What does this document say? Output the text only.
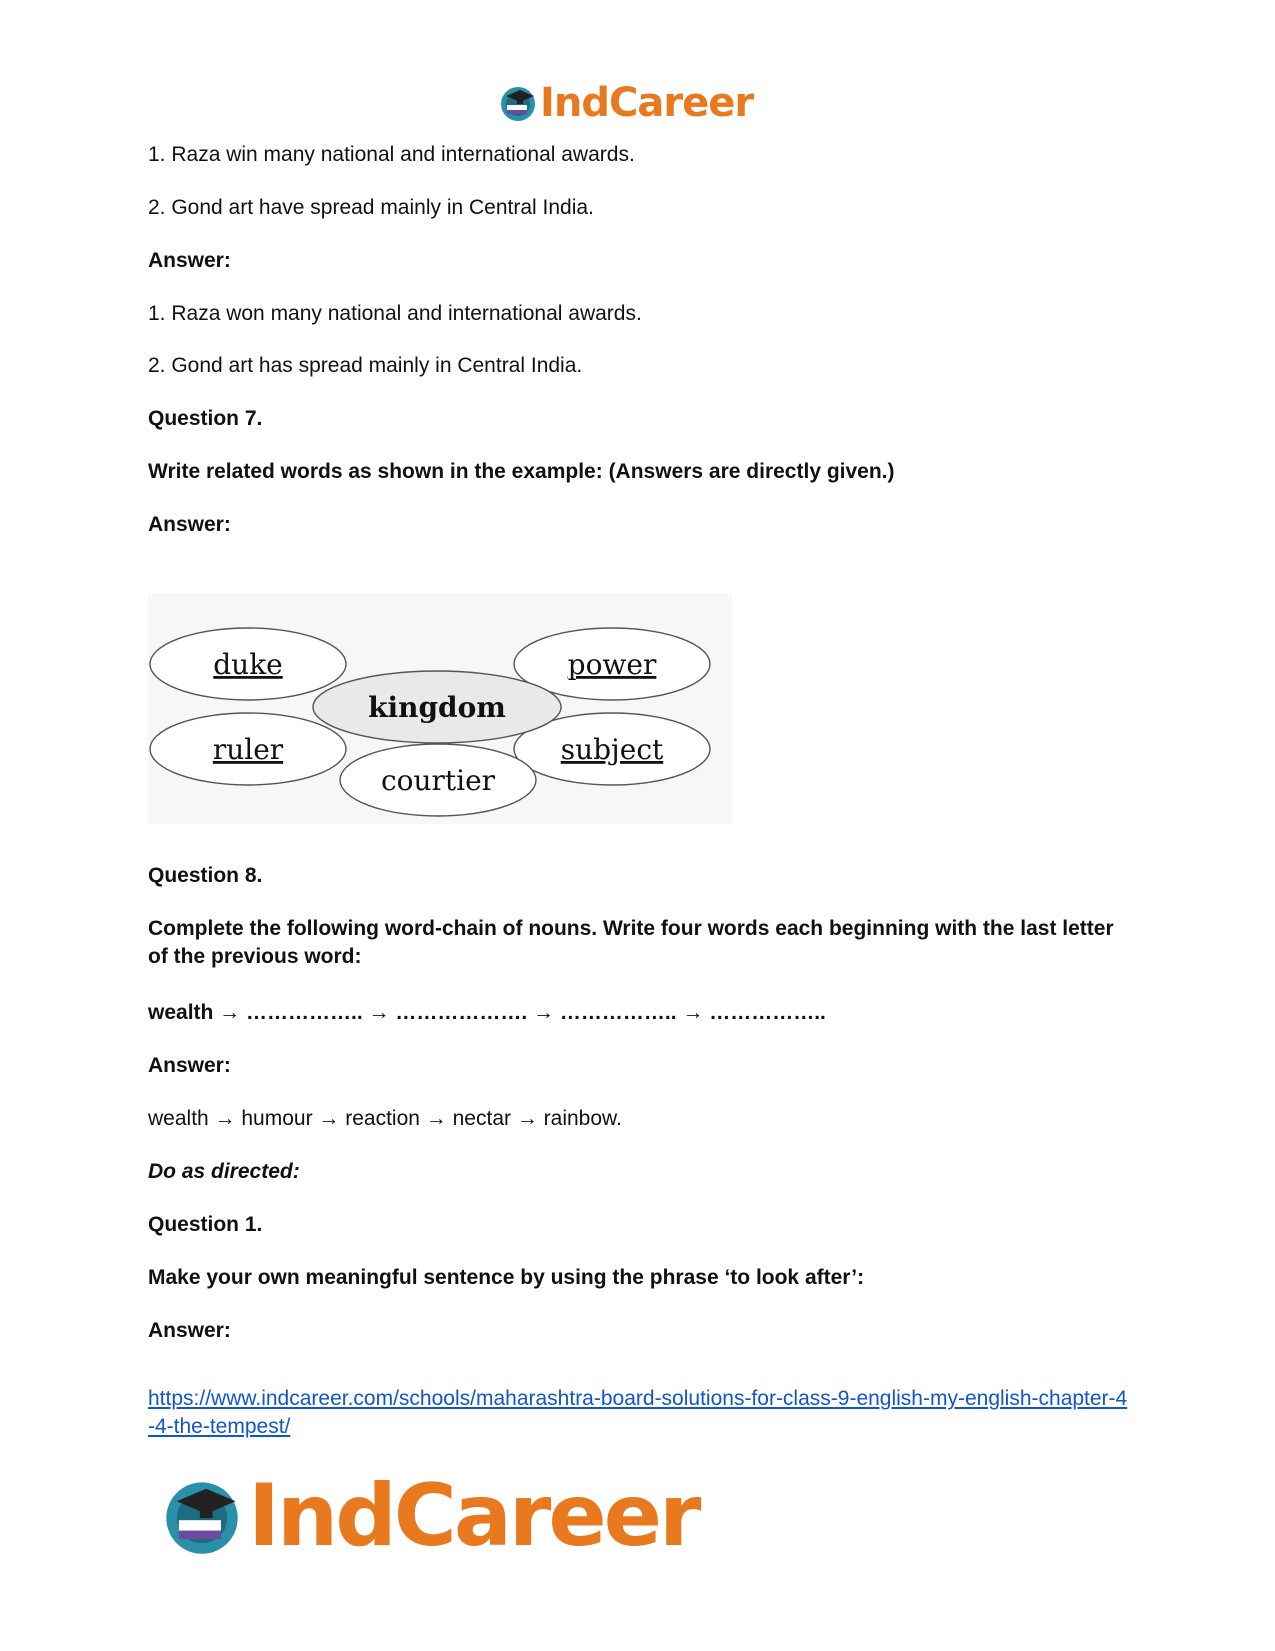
IndCareer
1. Raza win many national and international awards.
2. Gond art have spread mainly in Central India.
Answer:
1. Raza won many national and international awards.
2. Gond art has spread mainly in Central India.
Question 7.
Write related words as shown in the example: (Answers are directly given.)
Answer:
duke	power
kingdom
ruler	subject
courtier
Question 8.
Complete the following word-chain of nouns. Write four words each beginning with the last letter of the previous word:
wealth → …………….. → ………………. → …………….. → ……………..
Answer:
wealth → humour → reaction → nectar → rainbow.
Do as directed:
Question 1.
Make your own meaningful sentence by using the phrase ‘to look after’:
Answer:
https://www.indcareer.com/schools/maharashtra-board-solutions-for-class-9-english-my-english-chapter-4-4-the-tempest/
IndCareer
